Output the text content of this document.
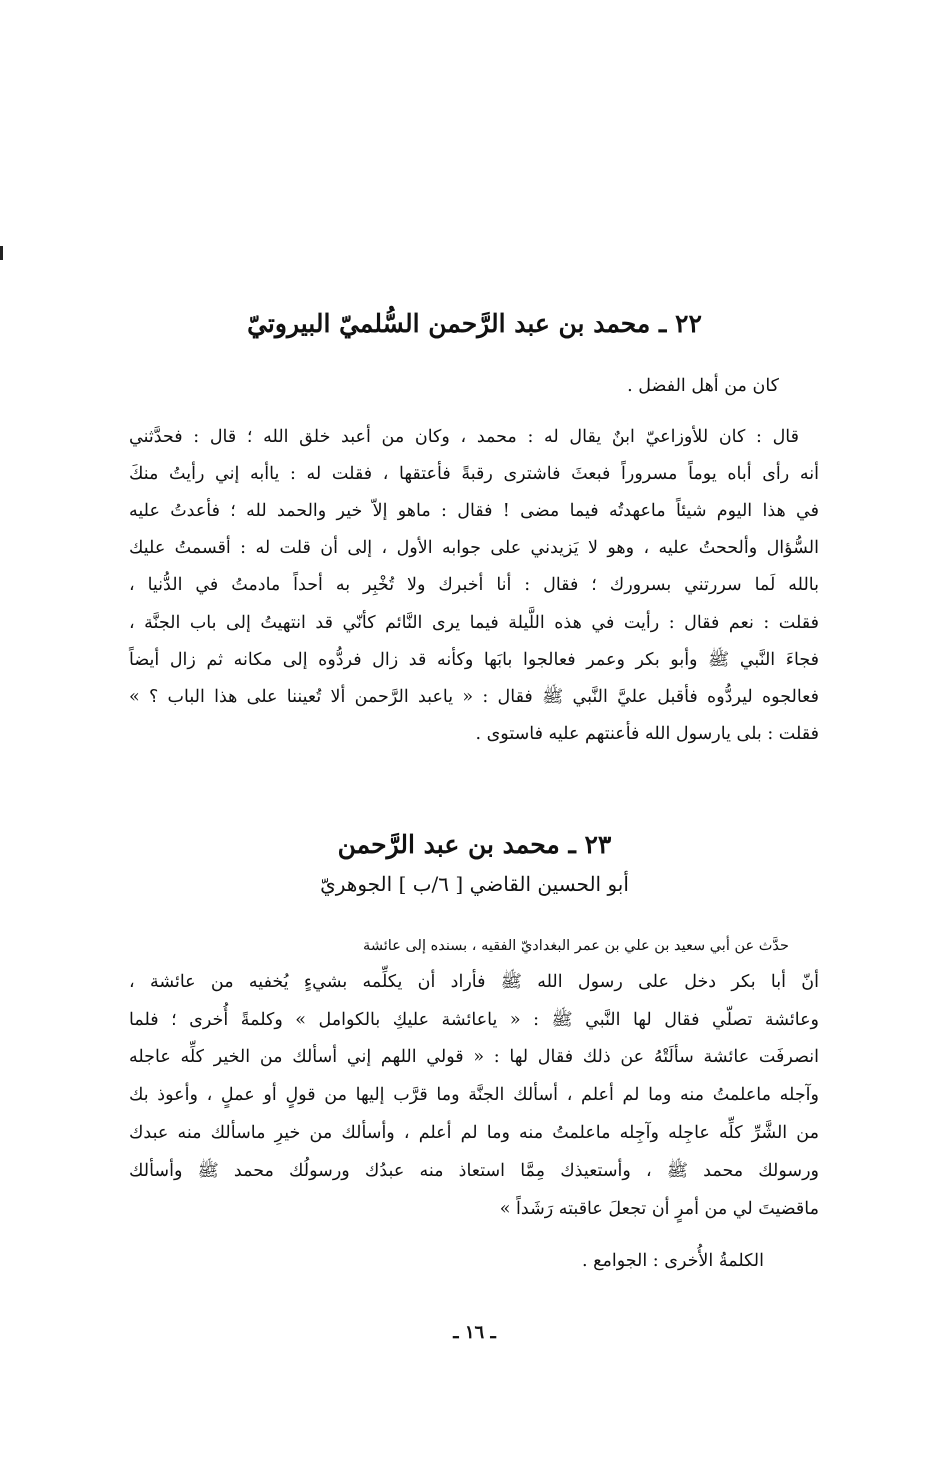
٢٢ ـ محمد بن عبد الرَّحمن السُّلميّ البيروتيّ
كان من أهل الفضل .
قال : كان للأوزاعيّ ابنٌ يقال له : محمد ، وكان من أعبد خلق الله ؛ قال : فحدَّثني
أنه رأى أباه يوماً مسروراً فبعثَ فاشترى رقبةً فأعتقها ، فقلت له : ياأبه إني رأيتُ منكَ
في هذا اليوم شيئاً ماعهدتُه فيما مضى ! فقال : ماهو إلاّ خير والحمد لله ؛ فأعدتُ عليه
السُّؤال وألححتُ عليه ، وهو لا يَزيدني على جوابه الأول ، إلى أن قلت له : أقسمتُ عليك
بالله لَما سررتني بسرورك ؛ فقال : أنا أخبرك ولا تُخْبِر به أحداً مادمتُ في الدُّنيا ،
فقلت : نعم فقال : رأيت في هذه اللَّيلة فيما يرى النَّائم كأنّي قد انتهيتُ إلى باب الجنَّة ،
فجاءَ النَّبي ﷺ وأبو بكر وعمر فعالجوا بابَها وكأنه قد زال فردُّوه إلى مكانه ثم زال أيضاً
فعالجوه ليردُّوه فأقبل عليَّ النَّبي ﷺ فقال : « ياعبد الرَّحمن ألا تُعيننا على هذا الباب ؟ »
فقلت : بلى يارسول الله فأعنتهم عليه فاستوى .
٢٣ ـ محمد بن عبد الرَّحمن
أبو الحسين القاضي [ ٦/ب ] الجوهريّ
حدَّث عن أبي سعيد بن علي بن عمر البغداديّ الفقيه ، بسنده إلى عائشة
أنّ أبا بكر دخل على رسول الله ﷺ فأراد أن يكلِّمه بشيءٍ يُخفيه من عائشة ،
وعائشة تصلّي فقال لها النَّبي ﷺ : « ياعائشة عليكِ بالكوامل » وكلمةً أُخرى ؛ فلما
انصرفَت عائشة سألَتْهُ عن ذلك فقال لها : « قولي اللهم إني أسألك من الخير كلِّه عاجله
وآجله ماعلمتُ منه وما لم أعلم ، أسألك الجنَّة وما قرَّب إليها من قولٍ أو عملٍ ، وأعوذ بك
من الشَّرِّ كلِّه عاجِله وآجِله ماعلمتُ منه وما لم أعلم ، وأسألك من خيرِ ماسألك منه عبدك
ورسولك محمد ﷺ ، وأستعيذك مِمَّا استعاذ منه عبدُك ورسولُك محمد ﷺ وأسألك
ماقضيتَ لي من أمرٍ أن تجعلَ عاقبته رَشَداً »
الكلمةُ الأُخرى : الجوامع .
ـ ١٦ ـ
